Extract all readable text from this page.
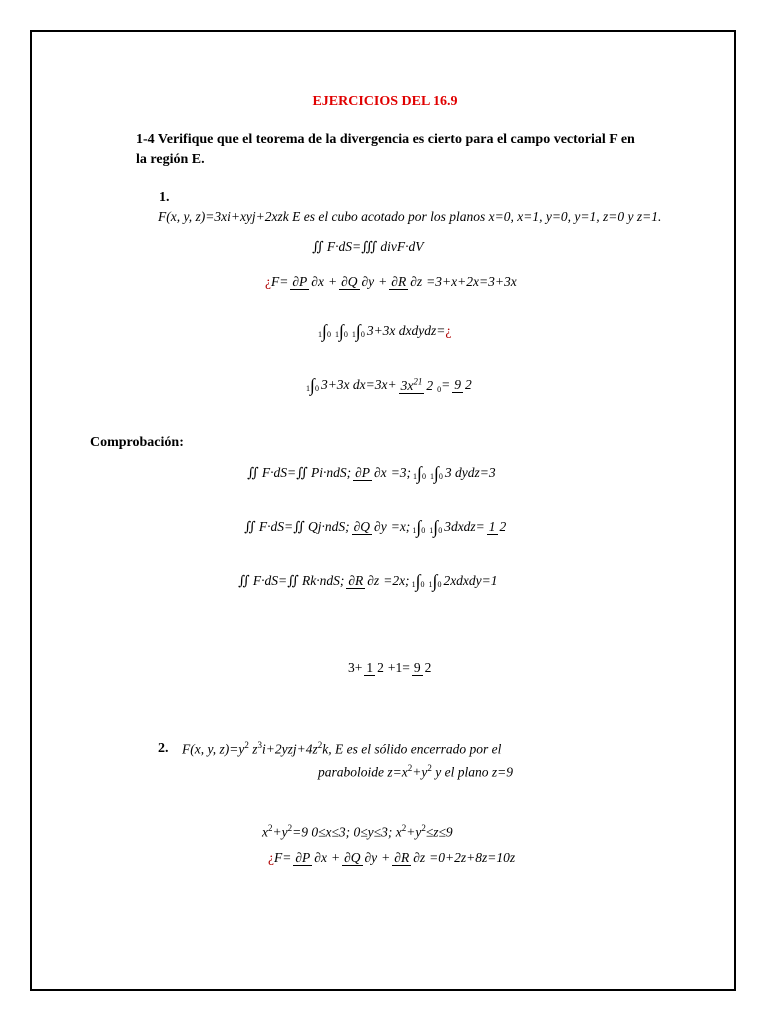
EJERCICIOS DEL 16.9
1-4 Verifique que el teorema de la divergencia es cierto para el campo vectorial F en
la región E.
1.
F(x, y, z)=3xi+xyj+2xzk E es el cubo acotado por los planos x=0, x=1, y=0, y=1, z=0 y z=1.
∬ F·dS=∭ divF·dV
¿ F= ∂P ∂x + ∂Q ∂y + ∂R ∂z =3+x+2x=3+3x
1∫0 1∫0 1∫0 3+3x dxdydz= ¿
1∫0 3+3x $dx=3x+ 3x^{21}$ 2 0 = 9 2
Comprobación:
∬ F·dS=∬ Pi·ndS; ∂P ∂x =3; 1∫0 1∫0 3 dydz=3
∬ F·dS=∬ Qj·ndS; ∂Q ∂y =x; 1∫0 1∫0 3dxdz= 1 2
∬ F·dS=∬ Rk·ndS; ∂R ∂z =2x; 1∫0 1∫0 2xdxdy=1
3+ 1 2 +1= 9 2
2. F(x, y, $z)=y^2$ $z^3i+2yzj+4z^2k$, E es el sólido encerrado por el
paraboloide $z=x^2+y^2$ y el plano z=9
$x^2+y^2=9$ 0≤x≤3; 0≤y≤3; $x^2+y^2\le z\le 9$
¿ F= ∂P ∂x + ∂Q ∂y + ∂R ∂z =0+2z+8z=10z
